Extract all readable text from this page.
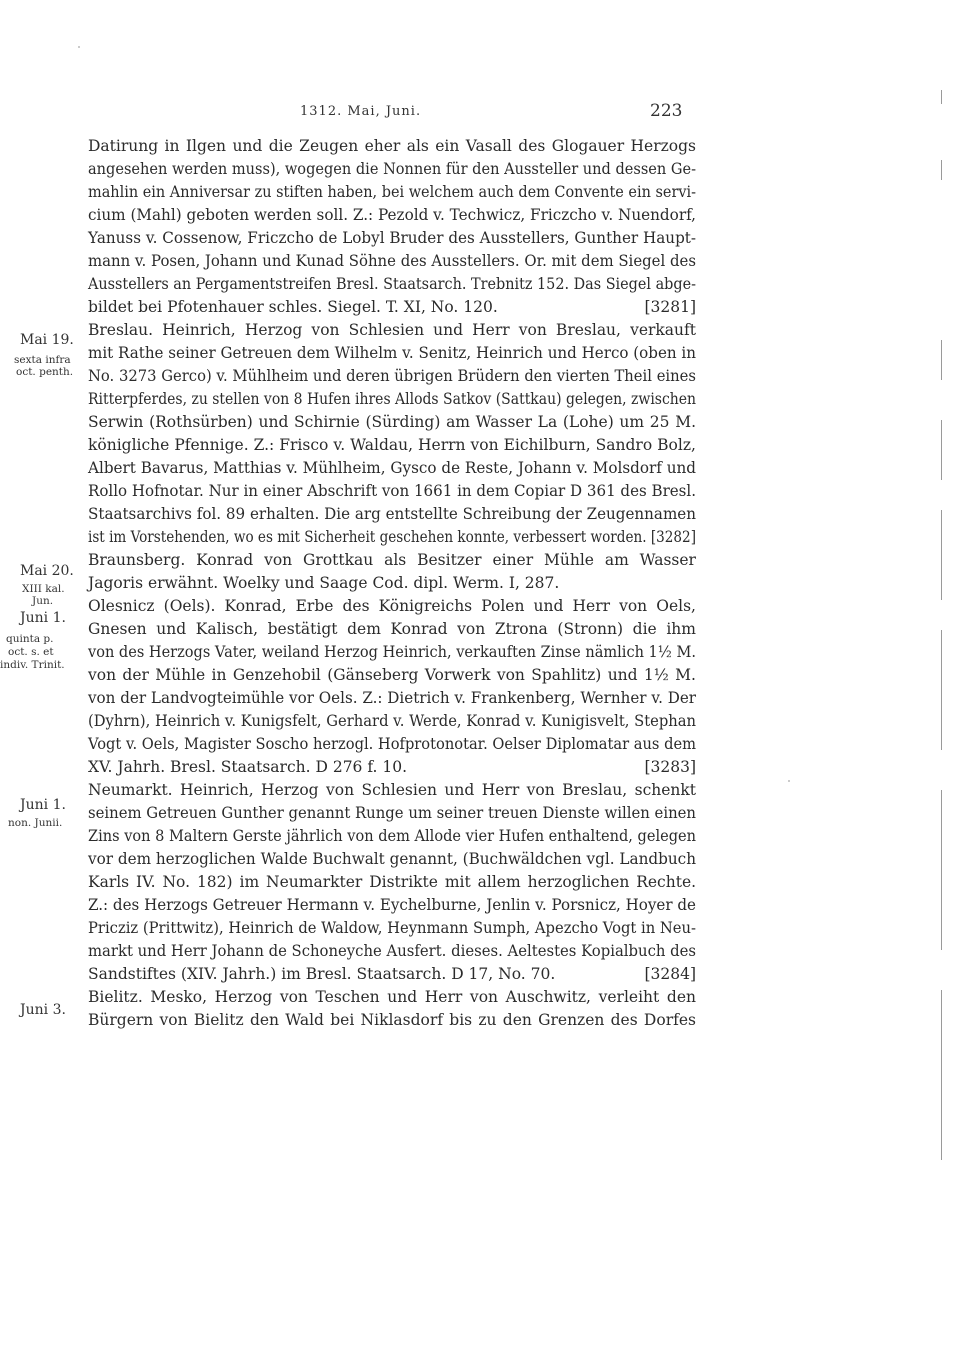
1312. Mai, Juni.	223
Datirung in Ilgen und die Zeugen eher als ein Vasall des Glogauer Herzogs
angesehen werden muss), wogegen die Nonnen für den Aussteller und dessen Ge-
mahlin ein Anniversar zu stiften haben, bei welchem auch dem Convente ein servi-
cium (Mahl) geboten werden soll. Z.: Pezold v. Techwicz, Friczcho v. Nuendorf,
Yanuss v. Cossenow, Friczcho de Lobyl Bruder des Ausstellers, Gunther Haupt-
mann v. Posen, Johann und Kunad Söhne des Ausstellers. Or. mit dem Siegel des
Ausstellers an Pergamentstreifen Bresl. Staatsarch. Trebnitz 152. Das Siegel abge-
bildet bei Pfotenhauer schles. Siegel. T. XI, No. 120.	[3281]
Breslau. Heinrich, Herzog von Schlesien und Herr von Breslau, verkauft
mit Rathe seiner Getreuen dem Wilhelm v. Senitz, Heinrich und Herco (oben in
No. 3273 Gerco) v. Mühlheim und deren übrigen Brüdern den vierten Theil eines
Ritterpferdes, zu stellen von 8 Hufen ihres Allods Satkov (Sattkau) gelegen, zwischen
Serwin (Rothsürben) und Schirnie (Sürding) am Wasser La (Lohe) um 25 M.
königliche Pfennige. Z.: Frisco v. Waldau, Herrn von Eichilburn, Sandro Bolz,
Albert Bavarus, Matthias v. Mühlheim, Gysco de Reste, Johann v. Molsdorf und
Rollo Hofnotar. Nur in einer Abschrift von 1661 in dem Copiar D 361 des Bresl.
Staatsarchivs fol. 89 erhalten. Die arg entstellte Schreibung der Zeugennamen
ist im Vorstehenden, wo es mit Sicherheit geschehen konnte, verbessert worden. [3282]
Braunsberg. Konrad von Grottkau als Besitzer einer Mühle am Wasser
Jagoris erwähnt. Woelky und Saage Cod. dipl. Werm. I, 287.
Olesnicz (Oels). Konrad, Erbe des Königreichs Polen und Herr von Oels,
Gnesen und Kalisch, bestätigt dem Konrad von Ztrona (Stronn) die ihm
von des Herzogs Vater, weiland Herzog Heinrich, verkauften Zinse nämlich 1½ M.
von der Mühle in Genzehobil (Gänseberg Vorwerk von Spahlitz) und 1½ M.
von der Landvogteimühle vor Oels. Z.: Dietrich v. Frankenberg, Wernher v. Der
(Dyhrn), Heinrich v. Kunigsfelt, Gerhard v. Werde, Konrad v. Kunigisvelt, Stephan
Vogt v. Oels, Magister Soscho herzogl. Hofprotonotar. Oelser Diplomatar aus dem
XV. Jahrh. Bresl. Staatsarch. D 276 f. 10.	[3283]
Neumarkt. Heinrich, Herzog von Schlesien und Herr von Breslau, schenkt
seinem Getreuen Gunther genannt Runge um seiner treuen Dienste willen einen
Zins von 8 Maltern Gerste jährlich von dem Allode vier Hufen enthaltend, gelegen
vor dem herzoglichen Walde Buchwalt genannt, (Buchwäldchen vgl. Landbuch
Karls IV. No. 182) im Neumarkter Distrikte mit allem herzoglichen Rechte.
Z.: des Herzogs Getreuer Hermann v. Eychelburne, Jenlin v. Porsnicz, Hoyer de
Pricziz (Prittwitz), Heinrich de Waldow, Heynmann Sumph, Apezcho Vogt in Neu-
markt und Herr Johann de Schoneyche Ausfert. dieses. Aeltestes Kopialbuch des
Sandstiftes (XIV. Jahrh.) im Bresl. Staatsarch. D 17, No. 70.	[3284]
Bielitz. Mesko, Herzog von Teschen und Herr von Auschwitz, verleiht den
Bürgern von Bielitz den Wald bei Niklasdorf bis zu den Grenzen des Dorfes
Mai 19.
sexta infra
oct. penth.
Mai 20.
XIII kal.
Jun.
Juni 1.
quinta p.
oct. s. et
indiv. Trinit.
Juni 1.
non. Junii.
Juni 3.
